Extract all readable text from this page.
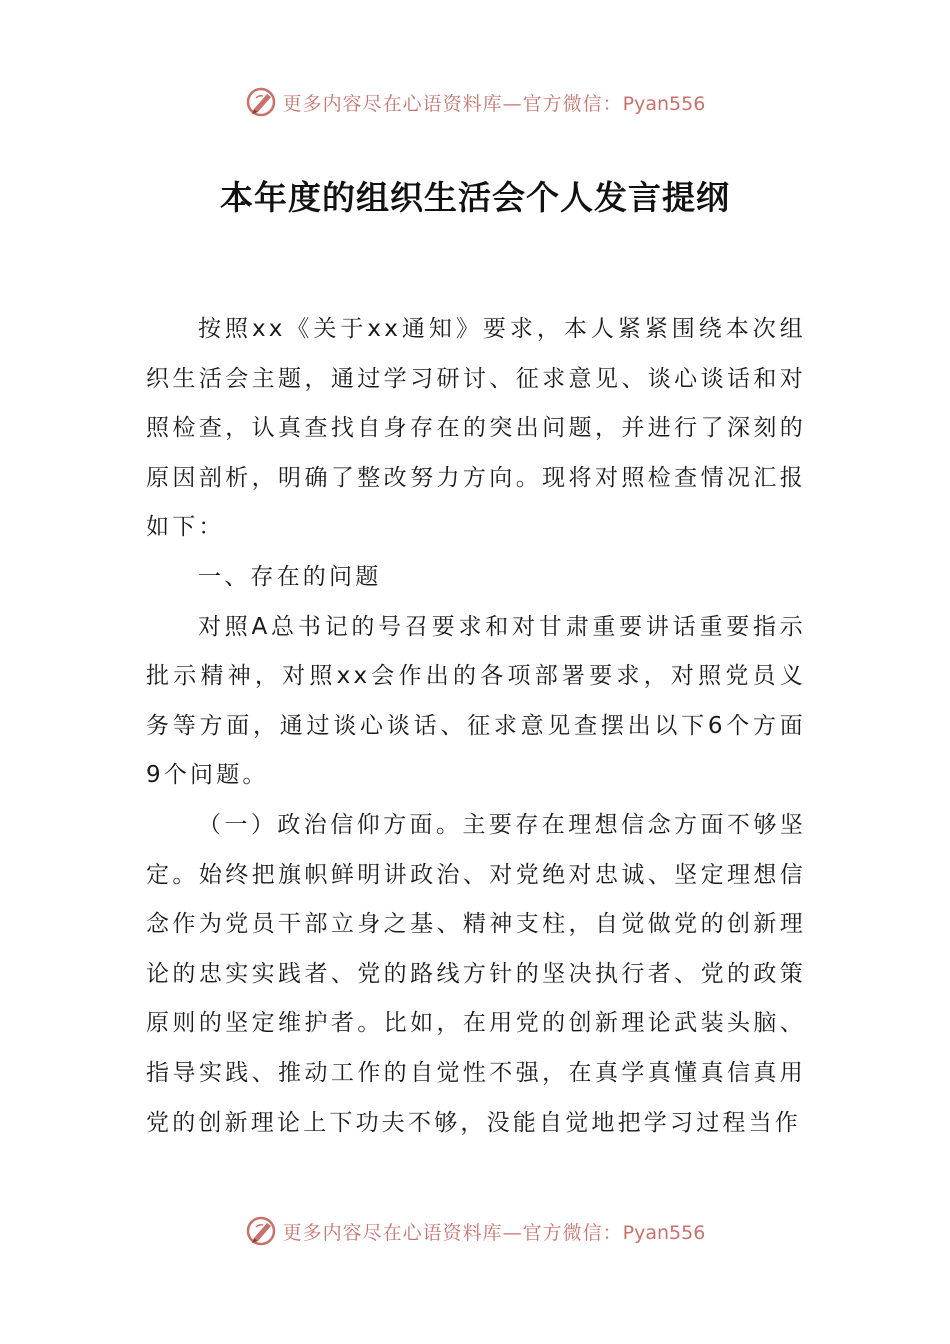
更多内容尽在心语资料库—官方微信：Pyan556
本年度的组织生活会个人发言提纲

按照xx《关于xx通知》要求，本人紧紧围绕本次组织生活会主题，通过学习研讨、征求意见、谈心谈话和对照检查，认真查找自身存在的突出问题，并进行了深刻的原因剖析，明确了整改努力方向。现将对照检查情况汇报如下：

一、存在的问题

对照A总书记的号召要求和对甘肃重要讲话重要指示批示精神，对照xx会作出的各项部署要求，对照党员义务等方面，通过谈心谈话、征求意见查摆出以下6个方面9个问题。

（一）政治信仰方面。主要存在理想信念方面不够坚定。始终把旗帜鲜明讲政治、对党绝对忠诚、坚定理想信念作为党员干部立身之基、精神支柱，自觉做党的创新理论的忠实实践者、党的路线方针的坚决执行者、党的政策原则的坚定维护者。比如，在用党的创新理论武装头脑、指导实践、推动工作的自觉性不强，在真学真懂真信真用党的创新理论上下功夫不够，没能自觉地把学习过程当作

更多内容尽在心语资料库—官方微信：Pyan556
